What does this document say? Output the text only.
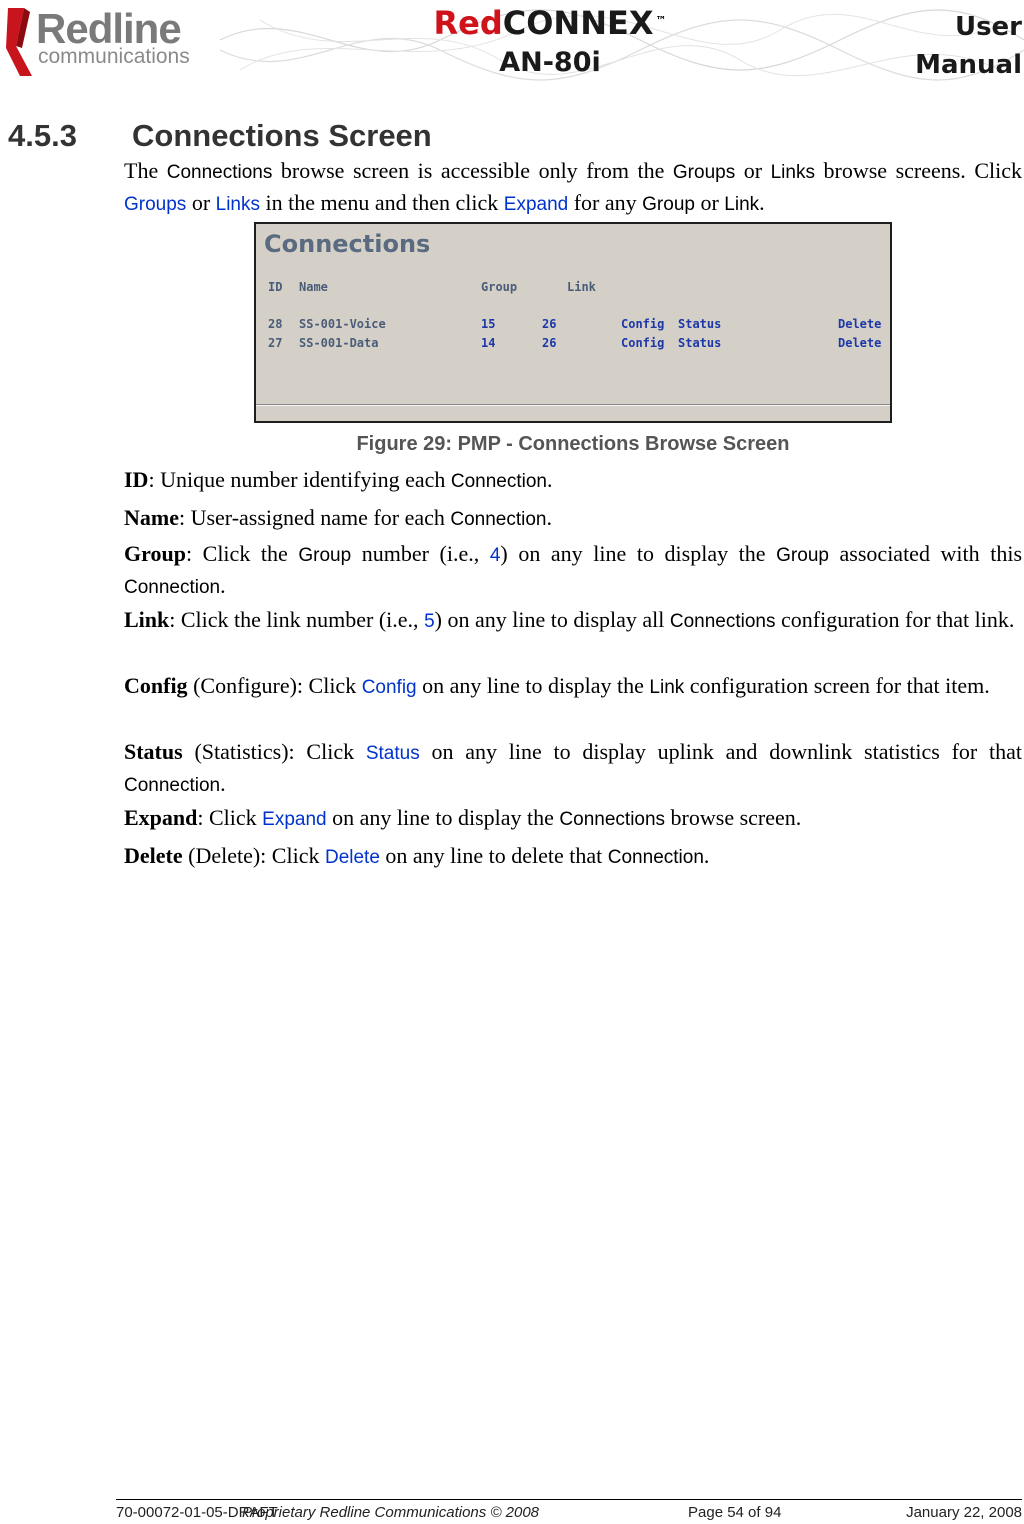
Redline
communications
RedCONNEX ™
AN-80i
User
Manual
4.5.3 Connections Screen
The Connections browse screen is accessible only from the Groups or Links browse screens. Click Groups or Links in the menu and then click Expand for any Group or Link.
Connections
ID Name	Group	Link
28 SS-001-Voice	15	26	Config Status	Delete
27 SS-001-Data	14	26	Config Status	Delete
Figure 29: PMP - Connections Browse Screen
ID: Unique number identifying each Connection.
Name: User-assigned name for each Connection.
Group: Click the Group number (i.e., 4) on any line to display the Group associated with this Connection.
Link: Click the link number (i.e., 5) on any line to display all Connections configuration for that link.
Config (Configure): Click Config on any line to display the Link configuration screen for that item.
Status (Statistics): Click Status on any line to display uplink and downlink statistics for that Connection.
Expand: Click Expand on any line to display the Connections browse screen.
Delete (Delete): Click Delete on any line to delete that Connection.
70-00072-01-05-DRAFT
Proprietary Redline Communications © 2008	Page 54 of 94	January 22, 2008
